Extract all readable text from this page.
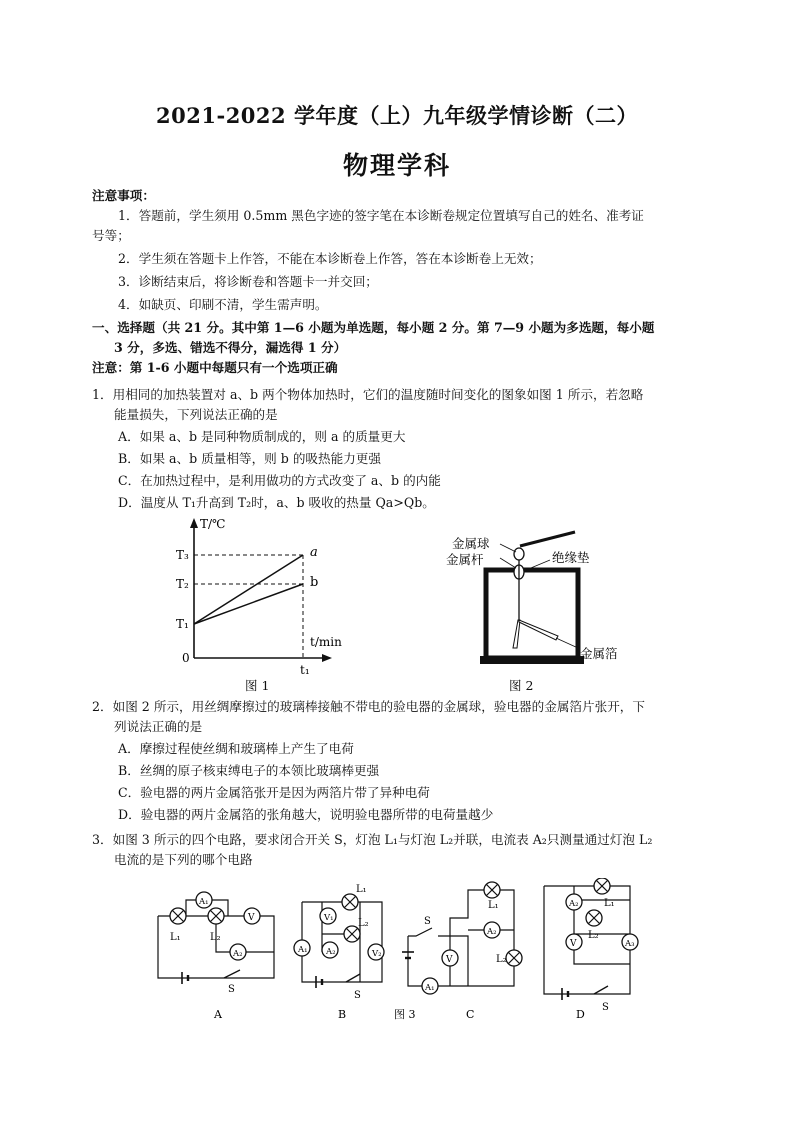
2021-2022 学年度（上）九年级学情诊断（二）
物理学科
注意事项：
1．答题前，学生须用 0.5mm 黑色字迹的签字笔在本诊断卷规定位置填写自己的姓名、准考证
号等；
2．学生须在答题卡上作答，不能在本诊断卷上作答，答在本诊断卷上无效；
3．诊断结束后，将诊断卷和答题卡一并交回；
4．如缺页、印刷不清，学生需声明。
一、选择题（共 21 分。其中第 1—6 小题为单选题，每小题 2 分。第 7—9 小题为多选题，每小题
3 分，多选、错选不得分，漏选得 1 分）
注意：第 1-6 小题中每题只有一个选项正确
1．用相同的加热装置对 a、b 两个物体加热时，它们的温度随时间变化的图象如图 1 所示，若忽略
能量损失，下列说法正确的是
A．如果 a、b 是同种物质制成的，则 a 的质量更大
B．如果 a、b 质量相等，则 b 的吸热能力更强
C．在加热过程中，是利用做功的方式改变了 a、b 的内能
D．温度从 T₁升高到 T₂时，a、b 吸收的热量 Qa>Qb。
T/℃
T₃
T₂
T₁
0
t₁
t/min
a
b
图 1
金属球
金属杆	绝缘垫
金属箔
图 2
2．如图 2 所示，用丝绸摩擦过的玻璃棒接触不带电的验电器的金属球，验电器的金属箔片张开，下
列说法正确的是
A．摩擦过程使丝绸和玻璃棒上产生了电荷
B．丝绸的原子核束缚电子的本领比玻璃棒更强
C．验电器的两片金属箔张开是因为两箔片带了异种电荷
D．验电器的两片金属箔的张角越大，说明验电器所带的电荷量越少
3．如图 3 所示的四个电路，要求闭合开关 S，灯泡 L₁与灯泡 L₂并联，电流表 A₂只测量通过灯泡 L₂
电流的是下列的哪个电路
A₁
V
A₂
L₁	L₂
S
A
V₁
A₁ A₂	V₂
L₁
L₂
S
B	图 3
S
L₁
A₂
V	L₂
A₁
C
A₂	L₁
L₂
V	A₃
S
D
